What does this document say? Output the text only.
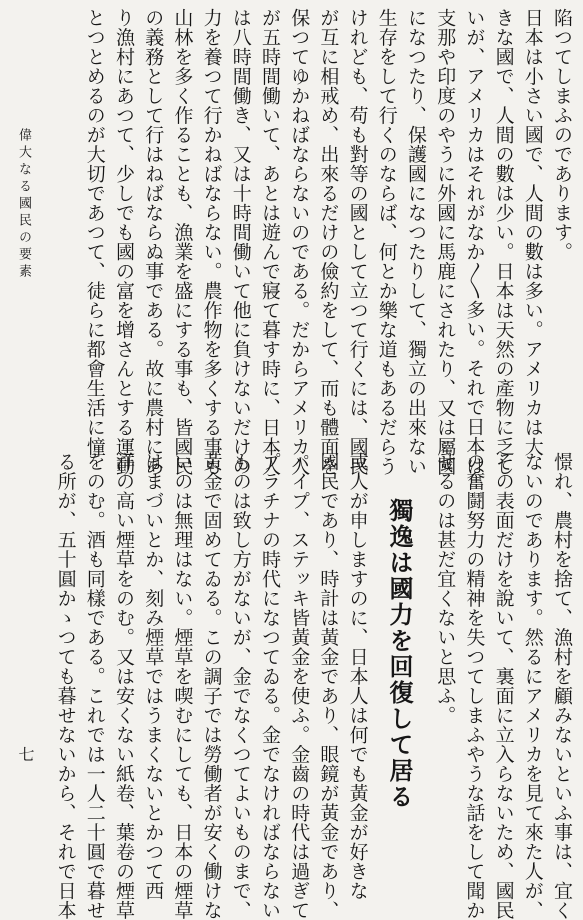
偉大なる國民の要素	陷つてしまふのであります。
日本は小さい國で、人間の數は多い。アメリカは大
きな國で、人間の數は少い。日本は天然の產物に乏し
いが、アメリカはそれがなか〳〵多い。それで日本は
支那や印度のやうに外國に馬鹿にされたり、又は屬國
になつたり、保護國になつたりして、獨立の出來ない
生存をして行くのならば、何とか樂な道もあるだらう
けれども、苟も對等の國として立つて行くには、國民
が互に相戒め、出來るだけの儉約をして、而も體面を
保つてゆかねばならないのである。だからアメリカ人
が五時間働いて、あとは遊んで寢て暮す時に、日本人
は八時間働き、又は十時間働いて他に負けないだけの
力を養つて行かねばならない。農作物を多くする事も
山林を多く作ることも、漁業を盛にする事も、皆國民
の義務として行はねばならぬ事である。故に農村にあ
り漁村にあつて、少しでも國の富を增さんとする運動
とつとめるのが大切であつて、徒らに都會生活に憧
憬れ、農村を捨て、漁村を顧みないといふ事は、宜く
ないのであります。然るにアメリカを見て來た人が、
その表面だけを說いて、裏面に立入らないため、國民
の奮鬪努力の精神を失つてしまふやうな話をして聞か
せるのは甚だ宜くないと思ふ。
或人が申しますのに、日本人は何でも黃金が好きな
國民であり、時計は黃金であり、眼鏡が黃金であり、
パイプ、ステッキ皆黃金を使ふ。金齒の時代は過ぎて
プラチナの時代になつてゐる。金でなければならない
ものは致し方がないが、金でなくつてよいものまで、
黃金で固めてゐる。この調子では勞働者が安く働けな
いのは無理はない。煙草を喫むにしても、日本の煙草
はまづいとか、刻み煙草ではうまくないとかつて西
洋の高い煙草をのむ。又は安くない紙卷、葉卷の煙草
をのむ。酒も同樣である。これでは一人二十圓で暮せ
る所が、五十圓かゝつても暮せないから、それで日本	獨逸は國力を回復して居る
七
